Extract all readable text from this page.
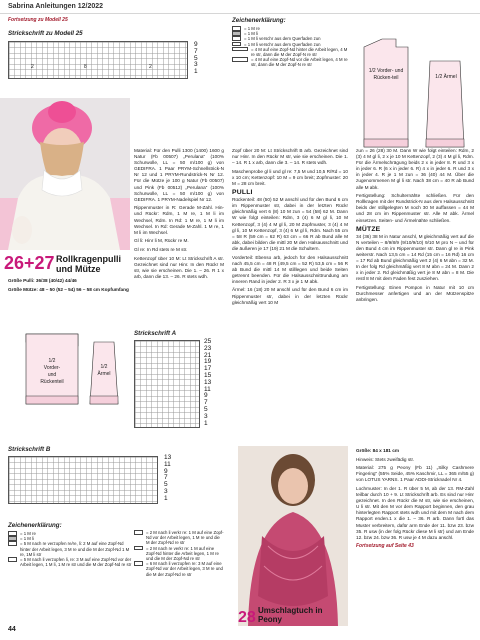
Sabrina Anleitungen 12/2022
Fortsetzung zu Modell 25
Strickschrift zu Modell 25
2	8	2
9
7
5
3
1
26+27 Rollkragenpulli und Mütze
Größe Pulli: 36/38 (40/42) 44/46
Größe Mütze: 48 – 50 (52 – 54) 56 – 58 cm Kopfumfang
1/2
Vorder-
und
Rückenteil
1/2
Ärmel
Strickschrift B
13
11
9
7
5
3
1
Zeichenerklärung:
= 1 M re
= 1 M li
= 5 M nach re verzopfen re/re, li: 2 M auf eine Zopf-Nd hinter der Arbeit legen, 3 M re und die M der Zopf-Nd 1 M re, 1M li str
= 5 M nach li verzopfen li, re: 3 M auf eine Zopf-Nd vor der Arbeit legen, 1 M li, 1 M re str und die M der Zopf-Nd re str
= 2 M nach li verkr re: 1 M auf eine Zopf-Nd vor der Arbeit legen, 1 M re und die M der Zopf-Nd re str
= 2 M nach re verkr re: 1 M auf eine Zopf-Nd hinter die Arbeit legen, 1 M re und die M der Zopf-Nd re str
= 6 M nach li verzopfen re: 3 M auf eine Zopf-Nd vor der Arbeit legen, 3 M re und die M der Zopf-Nd re str
Material: Für den Pulli 1300 (1400) 1600 g Natur (Fb 00507) „Perulana“ (100% Schurwolle, LL = 50 m/100 g) von GEDIFRA. 1 Paar PRYM-Schnellstrick-N Nr 12 und 1 PRYM-Rundstrick-N Nr 12. Für die Mütze je 100 g Natur (Fb 00507) und Pink (Fb 00512) „Perulana“ (100% Schurwolle, LL = 50 m/100 g) von GEDIFRA. 1 PRYM-Nadelspiel Nr 12.
Rippenmuster in R: Gerade M-Zahl. Hin- und Rückr: Rdm, 1 M re, 1 M li im Wechsel, Rdm. In Rd: 1 M re, 1 M li im Wechsel. In Rd: Gerade M-Zahl. 1 M re, 1 M li im Wechsel.
Gl li: Hinr li M, Rückr re M.
Gl re: In Rd stets re M str.
Kettenzopf über 10 M: Lt Strickschrift A str. Gezeichnet sind nur Hinr. In den Rückr M str, wie sie erscheinen. Die 1. – 26. R 1 x arb, dann die 13. – 26. R stets wdh.
Strickschrift A
25
23
21
19
17
15
13
11
9
7
5
3
1
Zeichenerklärung:
= 1 M re
= 1 M li
= 1 M li verschr aus dem Querfaden zun
= 1 M li verschr aus dem Querfaden zun
= 4 M auf eine Zopf-Nd hinter die Arbeit legen, 4 M re str, dann die M der Zopf-N re str
= 4 M auf eine Zopf-Nd vor die Arbeit legen, 4 M re str, dann die M der Zopf-N re str
1/2 Vorder- und Rücken-teil	1/2 Ärmel
Zopf über 20 M: Lt Strickschrift B arb. Gezeichnet sind nur Hinr. In den Rückr M str, wie sie erscheinen. Die 1. – 14. R 1 x arb, dann die 3. – 14. R stets wdh.
Maschenprobe gl li und gl re: 7,5 M und 10,5 R/Rd = 10 x 10 cm; Kettenzopf: 10 M = 9 cm breit; Zopfmuster: 20 M = 28 cm breit.
PULLI
Rückenteil: 48 (50) 52 M anschl und für den Bund 6 cm im Rippenmuster str, dabei in der letzten Rückr gleichmäßig vert 6 (8) 10 M zun = 54 (58) 62 M. Dann W wie folgt einteilen: Rdm, 3 (4) 6 M gl li, 10 M Kettenzopf, 3 (4) 4 M gl li, 20 M Zopfmuster, 3 (4) 4 M gl li, 10 M Kettenzopf, 3 (4) 6 M gl li, Rdm. Nach 55 cm = 58 R (59 cm = 62 R) 63 cm = 66 R ab Bund alle M abk, dabei bilden die mittl 20 M den Halsausschnitt und die äußeren je 17 (19) 21 M die Schultern.
Vorderteil: Ebenso arb, jedoch für den Halsausschnitt nach 45,5 cm = 48 R (49,5 cm = 52 R) 53,5 cm = 56 R ab Bund die mittl 14 M stilllegen und beide Seiten getrennt beenden. Für die Halsausschnittrundung am inneren Rand in jeder 2. R 3 x je 1 M abk.
Ärmel: 16 (18) 20 M anschl und für den Bund 6 cm im Rippenmuster str, dabei in der letzten Rückr gleichmäßig vert 10 M
zun = 26 (28) 30 M. Dann W wie folgt einteilen: Rdm, 2 (3) 4 M gl li, 2 x je 10 M Kettenzopf, 2 (3) 4 M gl li, Rdm. Für die Ärmelschrägung beids 2 x in jeder 8. R und 3 x in jeder 6. R (6 x in jeder 6. R) 4 x in jeder 6. R und 3 x in jeder 4. R je 1 M zun = 36 (40) 44 M. Über die zugenommenen M gl li str. Nach 38 cm = 40 R ab Bund alle M abk.
Fertigstellung: Schulternähte schließen. Für den Rollkragen mit der Rundstrick-N aus dem Halsausschnitt beids der stillgelegten M noch 30 M auffassen = 44 M und 28 cm im Rippenmuster str. Alle M abk. Ärmel einsetzen. Seiten- und Ärmelnähte schließen.
MÜTZE
34 (36) 38 M in Natur anschl, M gleichmäßig vert auf die N verteilen – 8/9/8/9 (9/10/9/10) 9/10 M pro N – und für den Bund 4 cm im Rippenmuster str. Dann gl re in Pink weiterstr. Nach 13,5 cm = 14 Rd (15 cm = 16 Rd) 16 cm = 17 Rd ab Bund gleichmäßig vert 2 (4) 6 M abn = 32 M. In der folg Rd gleichmäßig vert 8 M abn = 24 M. Dann 2 x in jeder 2. Rd gleichmäßig vert je 8 M abn = 8 M. Die restl 8 M mit dem Faden fest zusziehen.
Fertigstellung: Einen Pompon in Natur mit 10 cm Durchmesser anfertigen und an der Mützenspitze anbringen.
28 Umschlagtuch in Peony
Größe: 84 x 181 cm
Hinweis: Stets zweifädig str.
Material: 275 g Peony (Fb 11) „Silky Cashmere Fingering“ (55% Seide, 45% Kaschmir, LL = 365 m/55 g) von LOTUS YARNS. 1 Paar ADDI-Stricknadel Nr 4.
Lochmuster: In der 1. R über 5 M, ab der 13. RM-Zahl teilbar durch 10 + 9. Lt Strickschrift arb. Es sind nur Hinr gezeichnet. In den Rückr die M str, wie sie erscheinen, U li str. Mit den M vor dem Rapport beginnen, den grau hinterlegten Rapport stets wdh und mit dem M nach dem Rapport enden.1 x die 1. – 36. R arb. Dann fortl das Muster verbreitern, dafür arm Ende der 11. bzw 23. bzw 35. R usw (in der folg Rückr diese M li str) und am Ende 12. bzw 24. bzw 36. R usw je 4 M dazu anschl.
Fortsetzung auf Seite 43
44
